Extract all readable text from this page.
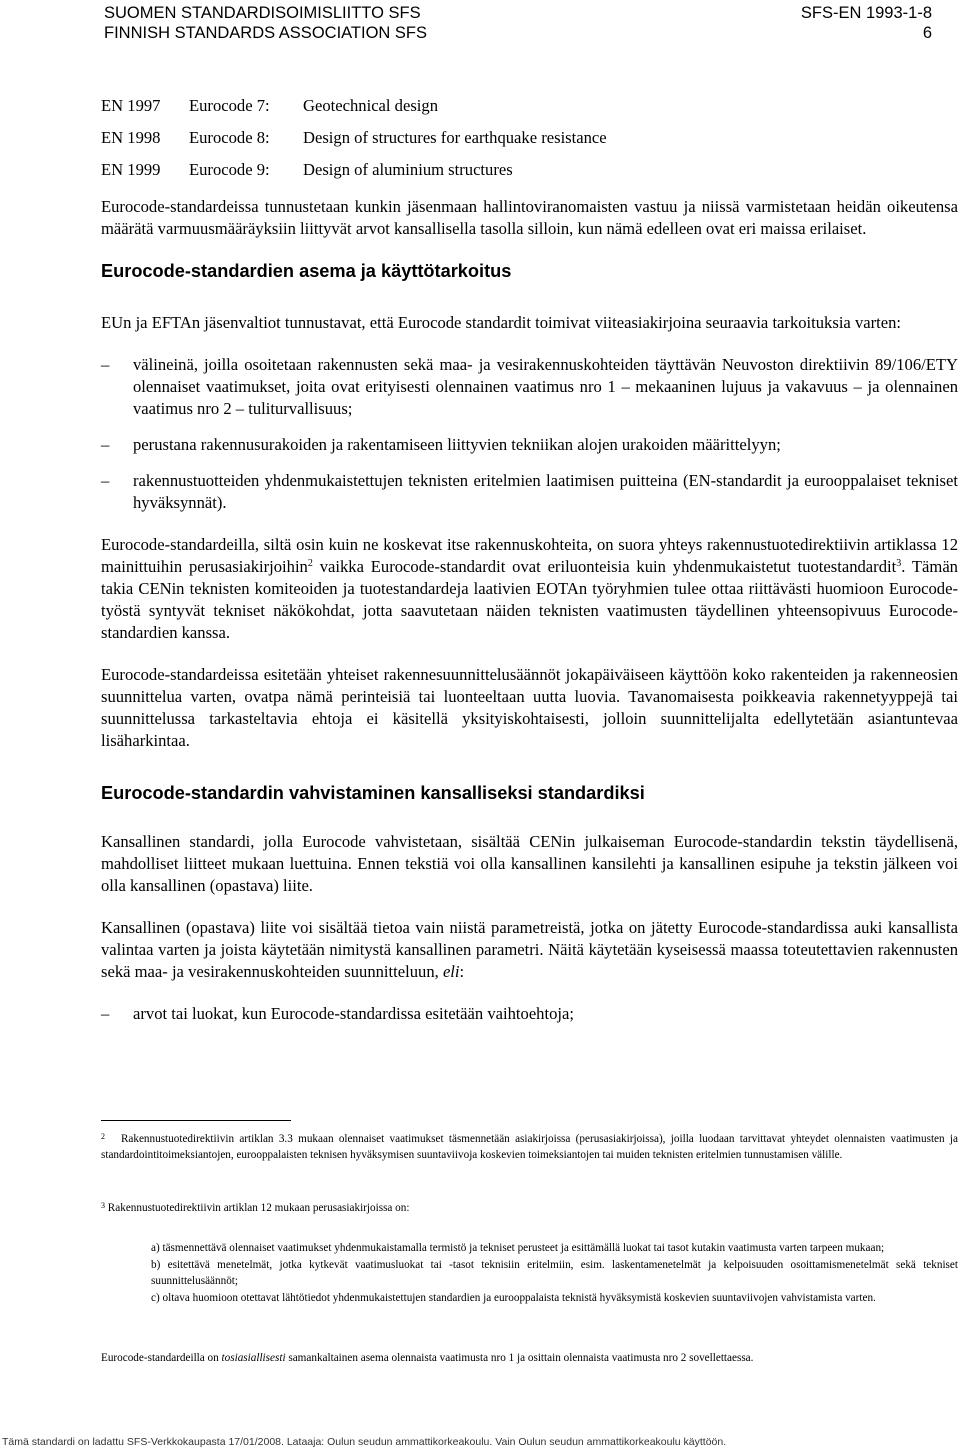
SUOMEN STANDARDISOIMISLIITTO SFS
FINNISH STANDARDS ASSOCIATION SFS
SFS-EN 1993-1-8
6
EN 1997	Eurocode 7:	Geotechnical design
EN 1998	Eurocode 8:	Design of structures for earthquake resistance
EN 1999	Eurocode 9:	Design of aluminium structures

Eurocode-standardeissa tunnustetaan kunkin jäsenmaan hallintoviranomaisten vastuu ja niissä varmistetaan heidän oikeutensa määrätä varmuusmääräyksiin liittyvät arvot kansallisella tasolla silloin, kun nämä edelleen ovat eri maissa erilaiset.

Eurocode-standardien asema ja käyttötarkoitus

EUn ja EFTAn jäsenvaltiot tunnustavat, että Eurocode standardit toimivat viiteasiakirjoina seuraavia tarkoituksia varten:

– välineinä, joilla osoitetaan rakennusten sekä maa- ja vesirakennuskohteiden täyttävän Neuvoston direktiivin 89/106/ETY olennaiset vaatimukset, joita ovat erityisesti olennainen vaatimus nro 1 – mekaaninen lujuus ja vakavuus – ja olennainen vaatimus nro 2 – tuliturvallisuus;
– perustana rakennusurakoiden ja rakentamiseen liittyvien tekniikan alojen urakoiden määrittelyyn;
– rakennustuotteiden yhdenmukaistettujen teknisten eritelmien laatimisen puitteina (EN-standardit ja eurooppalaiset tekniset hyväksynnät).

Eurocode-standardeilla, siltä osin kuin ne koskevat itse rakennuskohteita, on suora yhteys rakennustuotedirektiivin artiklassa 12 mainittuihin perusasiakirjoihin$^2$ vaikka Eurocode-standardit ovat eriluonteisia kuin yhdenmukaistetut tuotestandardit$^3$. Tämän takia CENin teknisten komiteoiden ja tuotestandardeja laativien EOTAn työryhmien tulee ottaa riittävästi huomioon Eurocode-työstä syntyvät tekniset näkökohdat, jotta saavutetaan näiden teknisten vaatimusten täydellinen yhteensopivuus Eurocode-standardien kanssa.

Eurocode-standardeissa esitetään yhteiset rakennesuunnittelusäännöt jokapäiväiseen käyttöön koko rakenteiden ja rakenneosien suunnittelua varten, ovatpa nämä perinteisiä tai luonteeltaan uutta luovia. Tavanomaisesta poikkeavia rakennetyyppejä tai suunnittelussa tarkasteltavia ehtoja ei käsitellä yksityiskohtaisesti, jolloin suunnittelijalta edellytetään asiantuntevaa lisäharkintaa.

Eurocode-standardin vahvistaminen kansalliseksi standardiksi

Kansallinen standardi, jolla Eurocode vahvistetaan, sisältää CENin julkaiseman Eurocode-standardin tekstin täydellisenä, mahdolliset liitteet mukaan luettuina. Ennen tekstiä voi olla kansallinen kansilehti ja kansallinen esipuhe ja tekstin jälkeen voi olla kansallinen (opastava) liite.

Kansallinen (opastava) liite voi sisältää tietoa vain niistä parametreistä, jotka on jätetty Eurocode-standardissa auki kansallista valintaa varten ja joista käytetään nimitystä kansallinen parametri. Näitä käytetään kyseisessä maassa toteutettavien rakennusten sekä maa- ja vesirakennuskohteiden suunnitteluun, eli:

– arvot tai luokat, kun Eurocode-standardissa esitetään vaihtoehtoja;
$^2$ Rakennustuotedirektiivin artiklan 3.3 mukaan olennaiset vaatimukset täsmennetään asiakirjoissa (perusasiakirjoissa), joilla luodaan tarvittavat yhteydet olennaisten vaatimusten ja standardointitoimeksiantojen, eurooppalaisten teknisen hyväksymisen suuntaviivoja koskevien toimeksiantojen tai muiden teknisten eritelmien tunnustamisen välille.
$^3$ Rakennustuotedirektiivin artiklan 12 mukaan perusasiakirjoissa on:
a) täsmennettävä olennaiset vaatimukset yhdenmukaistamalla termistö ja tekniset perusteet ja esittämällä luokat tai tasot kutakin vaatimusta varten tarpeen mukaan;
b) esitettävä menetelmät, jotka kytkevät vaatimusluokat tai -tasot teknisiin eritelmiin, esim. laskentamenetelmät ja kelpoisuuden osoittamismenetelmät sekä tekniset suunnittelusäännöt;
c) oltava huomioon otettavat lähtötiedot yhdenmukaistettujen standardien ja eurooppalaista teknistä hyväksymistä koskevien suuntaviivojen vahvistamista varten.
Eurocode-standardeilla on tosiasiallisesti samankaltainen asema olennaista vaatimusta nro 1 ja osittain olennaista vaatimusta nro 2 sovellettaessa.
Tämä standardi on ladattu SFS-Verkkokaupasta 17/01/2008. Lataaja: Oulun seudun ammattikorkeakoulu. Vain Oulun seudun ammattikorkeakoulu käyttöön.
